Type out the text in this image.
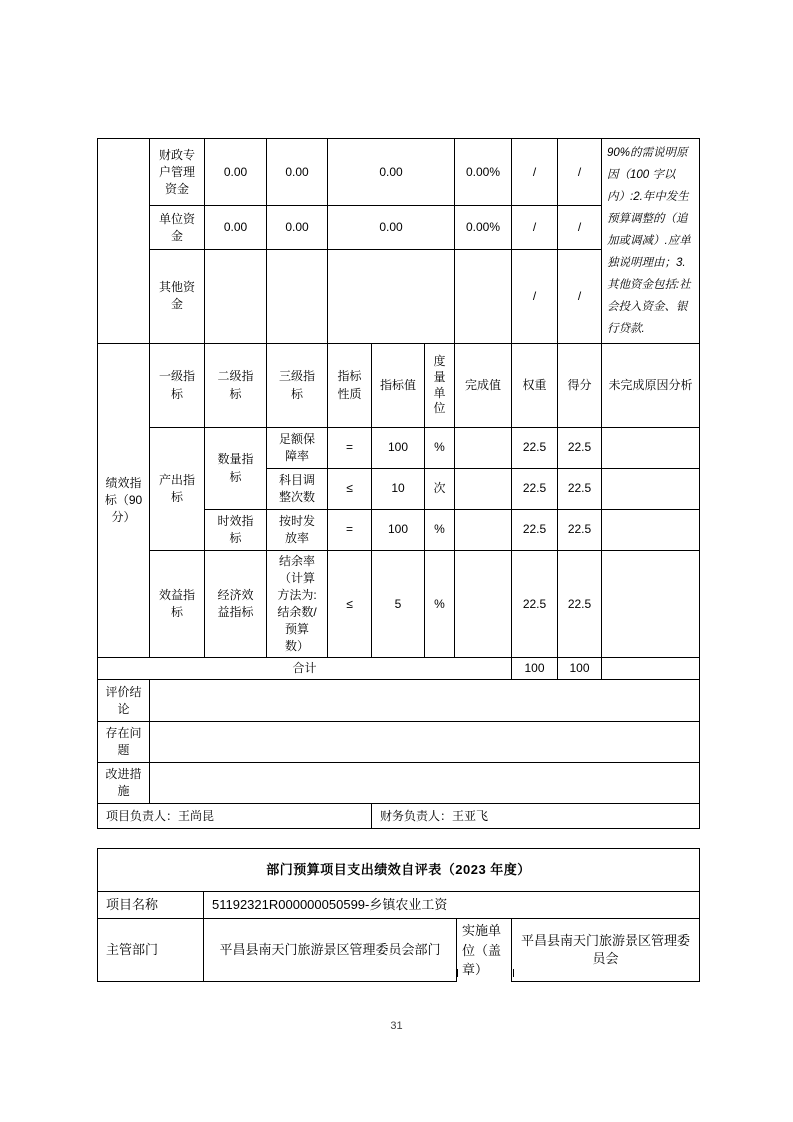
	财政专户管理资金	0.00	0.00	0.00			0.00%	/	/	90%的需说明原因（100 字以内）:2.年中发生预算调整的（追加或调减）.应单独说明理由；3.其他资金包括:社会投入资金、银行贷款.
	单位资金	0.00	0.00	0.00			0.00%	/	/	
	其他资金							/	/	
绩效指标（90分）	一级指标	二级指标	三级指标	指标性质	指标值	度量单位	完成值	权重	得分	未完成原因分析
	产出指标	数量指标	足额保障率	=	100	%		22.5	22.5	
			科目调整次数	≤	10	次		22.5	22.5	
		时效指标	按时发放率	=	100	%		22.5	22.5	
	效益指标	经济效益指标	结余率（计算方法为:结余数/预算数）	≤	5	%		22.5	22.5	
合计								100	100	
评价结论										
存在问题										
改进措施										
项目负责人：王尚昆					财务负责人：王亚飞					
部门预算项目支出绩效自评表（2023 年度）			
项目名称	51192321R000000050599-乡镇农业工资		
主管部门	平昌县南天门旅游景区管理委员会部门	实施单位（盖章）	平昌县南天门旅游景区管理委员会
31
